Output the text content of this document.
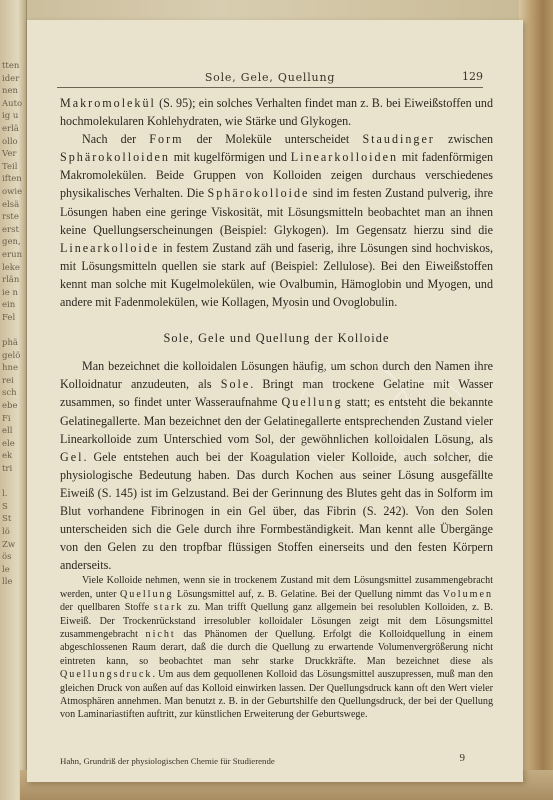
tten
ider
nen
Auto
ig u
erlä
ollo
Ver
Teil
iften
owie
elsä
rste
erst
gen,
erun
leke
rlän
ie n
ein
Fel

phä
gelö
hne
rei
sch
ebe
Fi
ell
ele
ek
tri

l.
S
St
lö
Zw
ös
le
lle
Sole, Gele, Quellung	129

Makromolekül (S. 95); ein solches Verhalten findet man z. B. bei Eiweißstoffen und hochmolekularen Kohlehydraten, wie Stärke und Glykogen.

Nach der Form der Moleküle unterscheidet Staudinger zwischen Sphärokolloiden mit kugelförmigen und Linearkolloiden mit fadenförmigen Makromolekülen. Beide Gruppen von Kolloiden zeigen durchaus verschiedenes physikalisches Verhalten. Die Sphärokolloide sind im festen Zustand pulverig, ihre Lösungen haben eine geringe Viskosität, mit Lösungsmitteln beobachtet man an ihnen keine Quellungserscheinungen (Beispiel: Glykogen). Im Gegensatz hierzu sind die Linearkolloide in festem Zustand zäh und faserig, ihre Lösungen sind hochviskos, mit Lösungsmitteln quellen sie stark auf (Beispiel: Zellulose). Bei den Eiweißstoffen kennt man solche mit Kugelmolekülen, wie Ovalbumin, Hämoglobin und Myogen, und andere mit Fadenmolekülen, wie Kollagen, Myosin und Ovoglobulin.

Sole, Gele und Quellung der Kolloide

Man bezeichnet die kolloidalen Lösungen häufig, um schon durch den Namen ihre Kolloidnatur anzudeuten, als Sole. Bringt man trockene Gelatine mit Wasser zusammen, so findet unter Wasseraufnahme Quellung statt; es entsteht die bekannte Gelatinegallerte. Man bezeichnet den der Gelatinegallerte entsprechenden Zustand vieler Linearkolloide zum Unterschied vom Sol, der gewöhnlichen kolloidalen Lösung, als Gel. Gele entstehen auch bei der Koagulation vieler Kolloide, auch solcher, die physiologische Bedeutung haben. Das durch Kochen aus seiner Lösung ausgefällte Eiweiß (S. 145) ist im Gelzustand. Bei der Gerinnung des Blutes geht das in Solform im Blut vorhandene Fibrinogen in ein Gel über, das Fibrin (S. 242). Von den Solen unterscheiden sich die Gele durch ihre Formbeständigkeit. Man kennt alle Übergänge von den Gelen zu den tropfbar flüssigen Stoffen einerseits und den festen Körpern anderseits.

Viele Kolloide nehmen, wenn sie in trockenem Zustand mit dem Lösungsmittel zusammengebracht werden, unter Quellung Lösungsmittel auf, z. B. Gelatine. Bei der Quellung nimmt das Volumen der quellbaren Stoffe stark zu. Man trifft Quellung ganz allgemein bei resolublen Kolloiden, z. B. Eiweiß. Der Trockenrückstand irresolubler kolloidaler Lösungen zeigt mit dem Lösungsmittel zusammengebracht nicht das Phänomen der Quellung. Erfolgt die Kolloidquellung in einem abgeschlossenen Raum derart, daß die durch die Quellung zu erwartende Volumenvergrößerung nicht eintreten kann, so beobachtet man sehr starke Druckkräfte. Man bezeichnet diese als Quellungsdruck. Um aus dem gequollenen Kolloid das Lösungsmittel auszupressen, muß man den gleichen Druck von außen auf das Kolloid einwirken lassen. Der Quellungsdruck kann oft den Wert vieler Atmosphären annehmen. Man benutzt z. B. in der Geburtshilfe den Quellungsdruck, der bei der Quellung von Laminariastiften auftritt, zur künstlichen Erweiterung der Geburtswege.

Hahn, Grundriß der physiologischen Chemie für Studierende	9
